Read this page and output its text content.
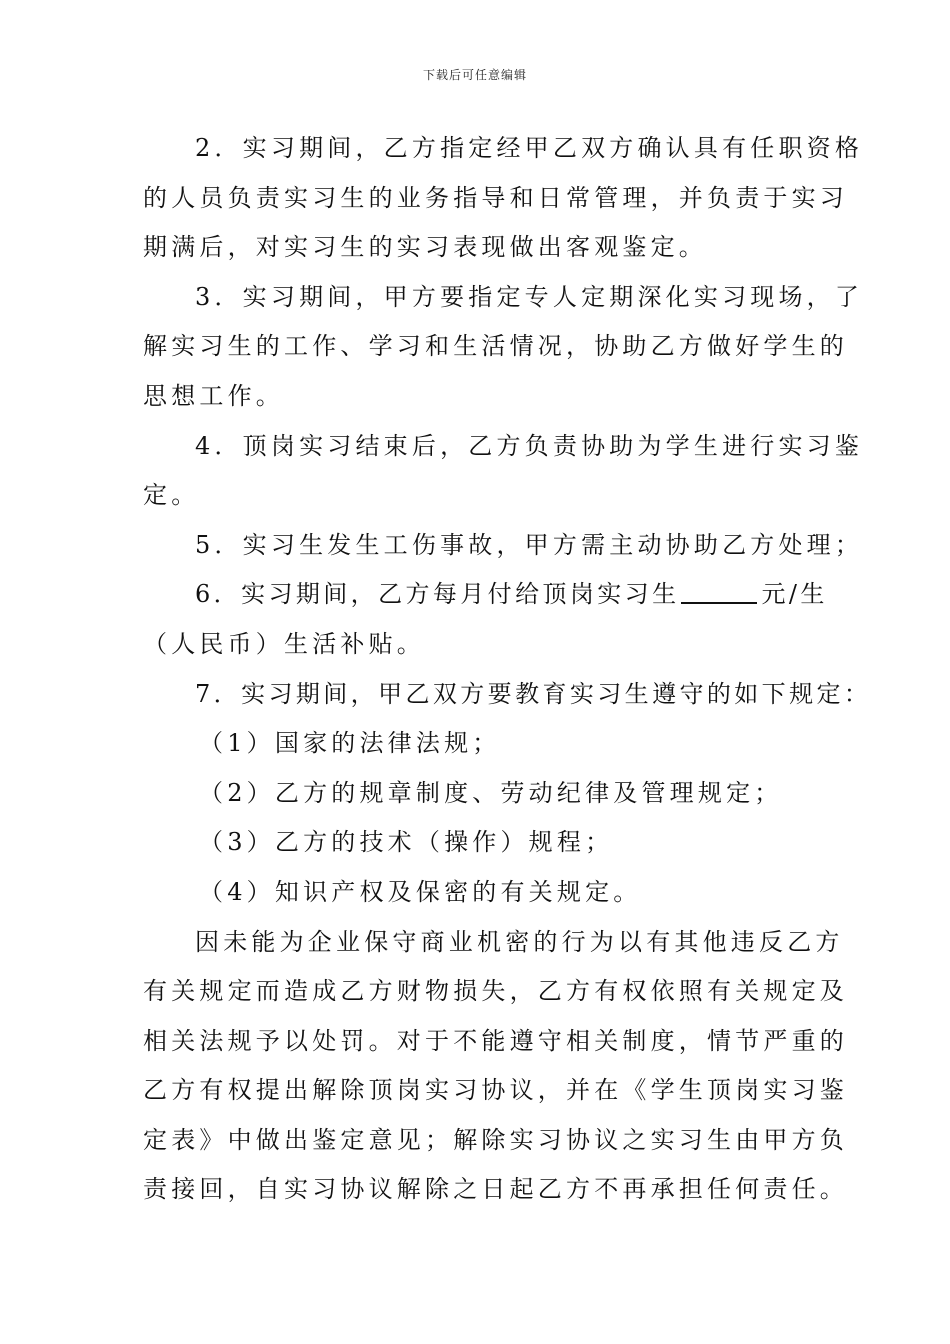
下载后可任意编辑
2．实习期间，乙方指定经甲乙双方确认具有任职资格
的人员负责实习生的业务指导和日常管理，并负责于实习
期满后，对实习生的实习表现做出客观鉴定。
3．实习期间，甲方要指定专人定期深化实习现场，了
解实习生的工作、学习和生活情况，协助乙方做好学生的
思想工作。
4．顶岗实习结束后，乙方负责协助为学生进行实习鉴
定。
5．实习生发生工伤事故，甲方需主动协助乙方处理；
6．实习期间，乙方每月付给顶岗实习生	元/生
（人民币）生活补贴。
7．实习期间，甲乙双方要教育实习生遵守的如下规定：
（1）国家的法律法规；
（2）乙方的规章制度、劳动纪律及管理规定；
（3）乙方的技术（操作）规程；
（4）知识产权及保密的有关规定。
因未能为企业保守商业机密的行为以有其他违反乙方
有关规定而造成乙方财物损失，乙方有权依照有关规定及
相关法规予以处罚。对于不能遵守相关制度，情节严重的
乙方有权提出解除顶岗实习协议，并在《学生顶岗实习鉴
定表》中做出鉴定意见；解除实习协议之实习生由甲方负
责接回，自实习协议解除之日起乙方不再承担任何责任。
